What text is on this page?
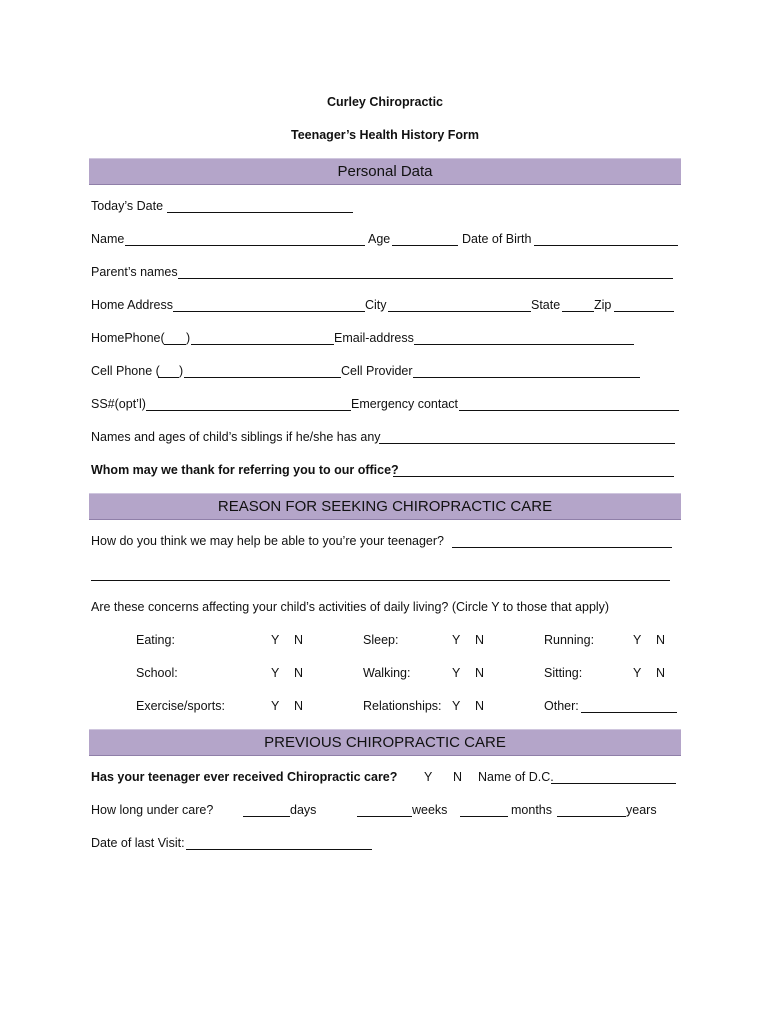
Curley Chiropractic
Teenager’s Health History Form
Personal Data
Today’s Date
Name	Age	Date of Birth
Parent’s names
Home Address	City	State	Zip
HomePhone( )	Email-address
Cell Phone ( )	Cell Provider
SS#(opt’l)	Emergency contact
Names and ages of child’s siblings if he/she has any
Whom may we thank for referring you to our office?
REASON FOR SEEKING CHIROPRACTIC CARE
How do you think we may help be able to you’re your teenager?
Are these concerns affecting your child’s activities of daily living? (Circle Y to those that apply)
Eating:	Y N	Sleep:	Y N	Running:	Y N
School:	Y N	Walking:	Y N	Sitting:	Y N
Exercise/sports:	Y N	Relationships: Y N	Other:
PREVIOUS CHIROPRACTIC CARE
Has your teenager ever received Chiropractic care? Y N Name of D.C.
How long under care?	days	weeks	months	years
Date of last Visit:
